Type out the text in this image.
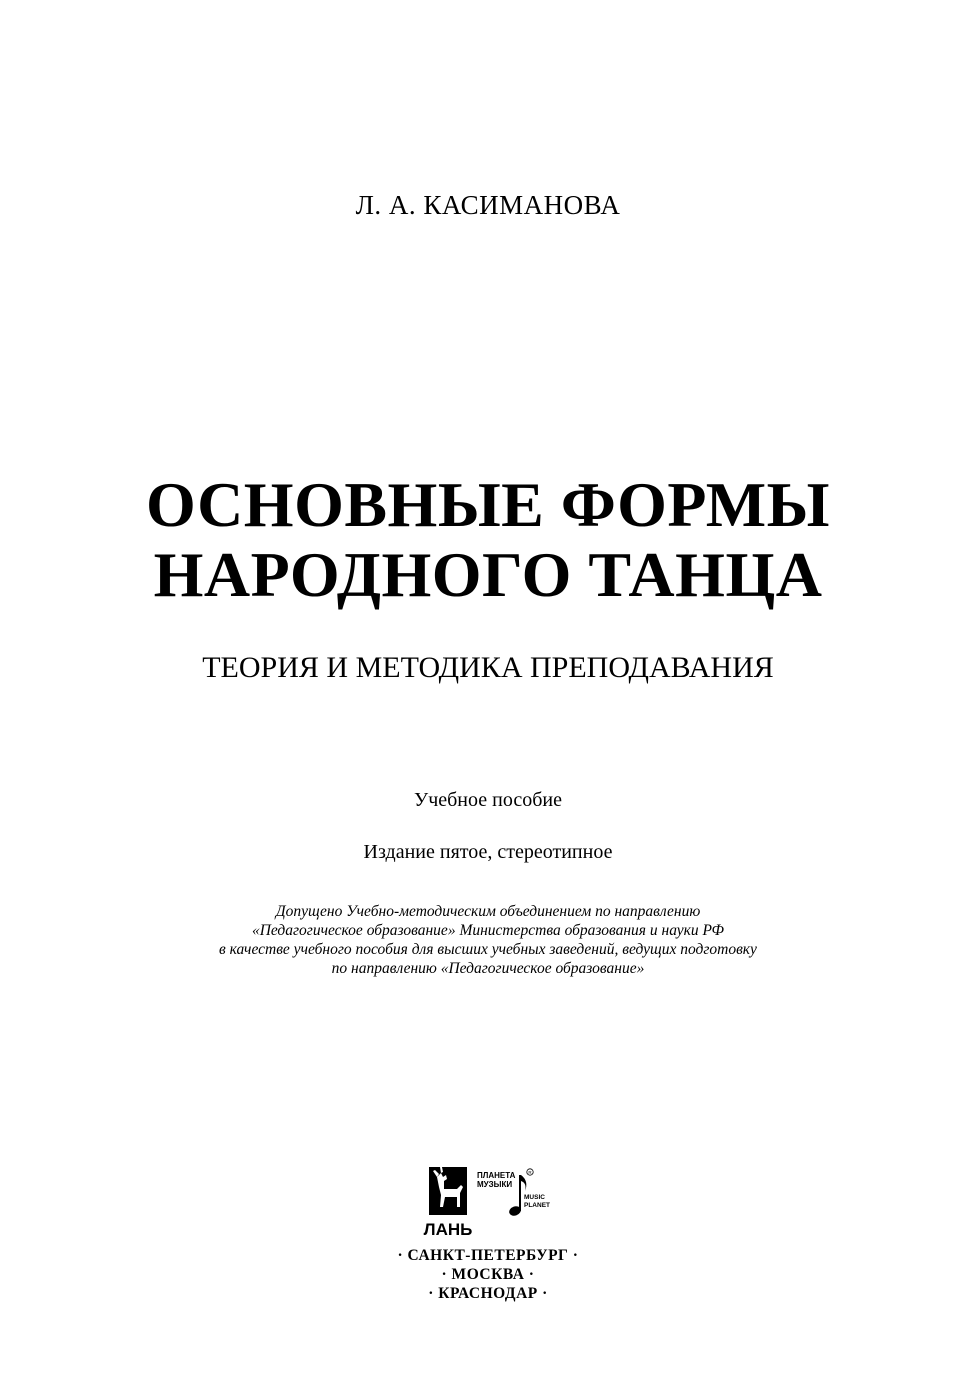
Л. А. КАСИМАНОВА
ОСНОВНЫЕ ФОРМЫ
НАРОДНОГО ТАНЦА
ТЕОРИЯ И МЕТОДИКА ПРЕПОДАВАНИЯ
Учебное пособие
Издание пятое, стереотипное
Допущено Учебно-методическим объединением по направлению
«Педагогическое образование» Министерства образования и науки РФ
в качестве учебного пособия для высших учебных заведений, ведущих подготовку
по направлению «Педагогическое образование»
ЛАНЬ
ПЛАНЕТА
МУЗЫКИ
R
MUSIC
PLANET
· САНКТ-ПЕТЕРБУРГ ·
· МОСКВА ·
· КРАСНОДАР ·
